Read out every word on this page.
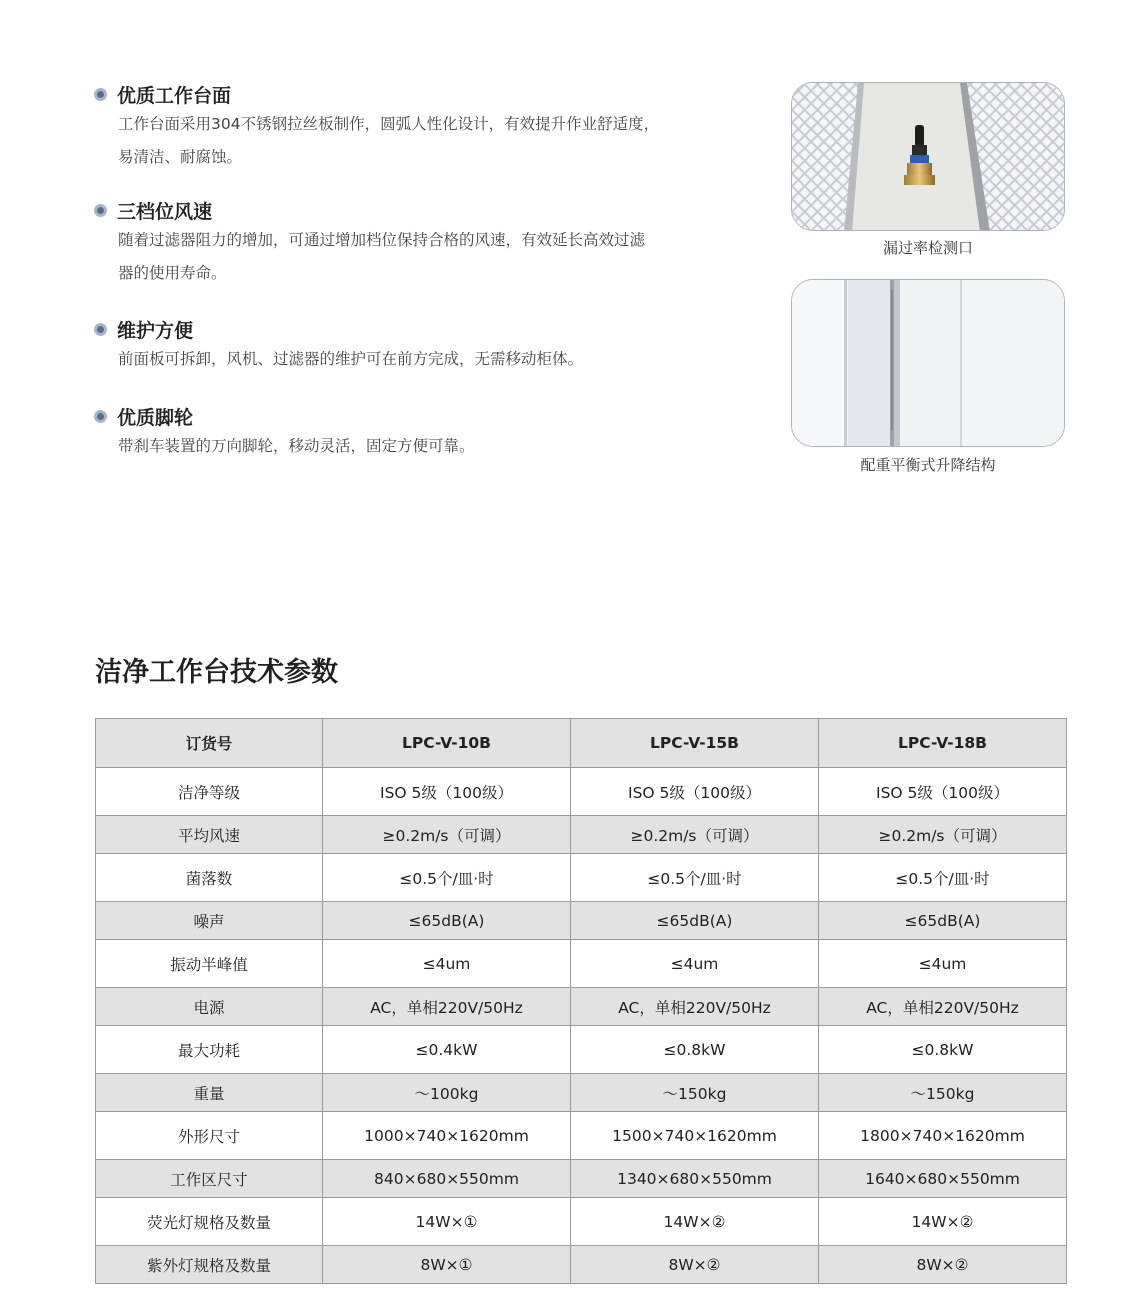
优质工作台面
工作台面采用304不锈钢拉丝板制作，圆弧人性化设计，有效提升作业舒适度，
易清洁、耐腐蚀。
三档位风速
随着过滤器阻力的增加，可通过增加档位保持合格的风速，有效延长高效过滤
器的使用寿命。
维护方便
前面板可拆卸，风机、过滤器的维护可在前方完成，无需移动柜体。
优质脚轮
带刹车装置的万向脚轮，移动灵活，固定方便可靠。
漏过率检测口
配重平衡式升降结构
洁净工作台技术参数
订货号	LPC-V-10B	LPC-V-15B	LPC-V-18B
洁净等级	ISO 5级（100级）	ISO 5级（100级）	ISO 5级（100级）
平均风速	≥0.2m/s（可调）	≥0.2m/s（可调）	≥0.2m/s（可调）
菌落数	≤0.5个/皿·时	≤0.5个/皿·时	≤0.5个/皿·时
噪声	≤65dB(A)	≤65dB(A)	≤65dB(A)
振动半峰值	≤4um	≤4um	≤4um
电源	AC，单相220V/50Hz	AC，单相220V/50Hz	AC，单相220V/50Hz
最大功耗	≤0.4kW	≤0.8kW	≤0.8kW
重量	～100kg	～150kg	～150kg
外形尺寸	1000×740×1620mm	1500×740×1620mm	1800×740×1620mm
工作区尺寸	840×680×550mm	1340×680×550mm	1640×680×550mm
荧光灯规格及数量	14W×①	14W×②	14W×②
紫外灯规格及数量	8W×①	8W×②	8W×②
